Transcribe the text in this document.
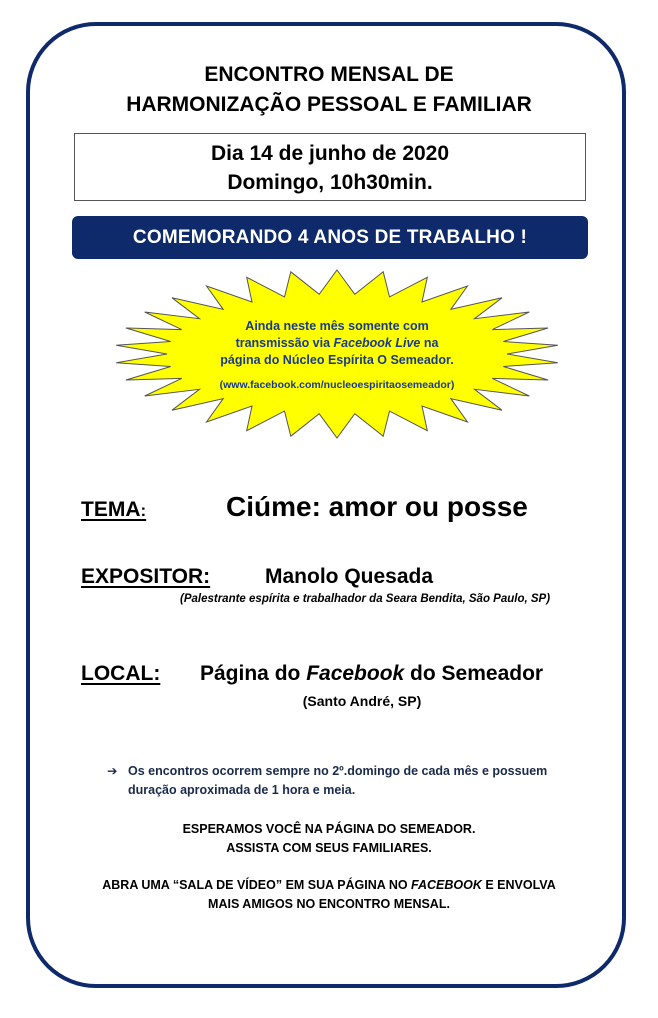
ENCONTRO MENSAL DE
HARMONIZAÇÃO PESSOAL E FAMILIAR
Dia 14 de junho de 2020
Domingo, 10h30min.
COMEMORANDO 4 ANOS DE TRABALHO !
Ainda neste mês somente com
transmissão via Facebook Live na
página do Núcleo Espírita O Semeador.
(www.facebook.com/nucleoespiritaosemeador)
TEMA:	Ciúme: amor ou posse
EXPOSITOR:	Manolo Quesada
(Palestrante espírita e trabalhador da Seara Bendita, São Paulo, SP)
LOCAL: Página do Facebook do Semeador
(Santo André, SP)
➔ Os encontros ocorrem sempre no 2º.domingo de cada mês e possuem duração aproximada de 1 hora e meia.
ESPERAMOS VOCÊ NA PÁGINA DO SEMEADOR.
ASSISTA COM SEUS FAMILIARES.
ABRA UMA “SALA DE VÍDEO” EM SUA PÁGINA NO FACEBOOK E ENVOLVA
MAIS AMIGOS NO ENCONTRO MENSAL.
